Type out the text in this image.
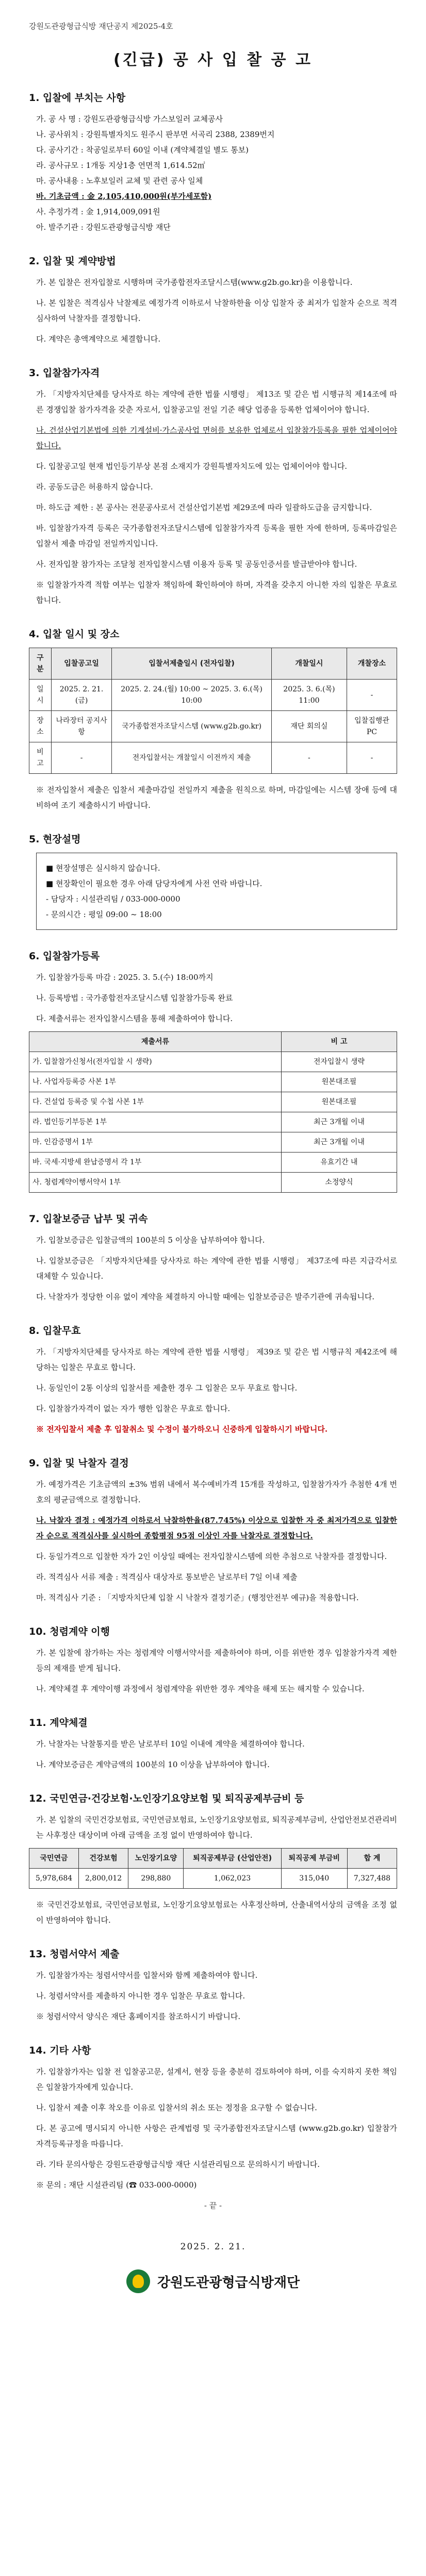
강원도관광형급식방 재단공지 제2025-4호
(긴급) 공 사 입 찰 공 고
1. 입찰에 부치는 사항
가. 공 사 명 : 강원도관광형급식방 가스보일러 교체공사
나. 공사위치 : 강원특별자치도 원주시 판부면 서곡리 2388, 2389번지
다. 공사기간 : 착공일로부터 60일 이내 (계약체결일 별도 통보)
라. 공사규모 : 1개동 지상1층 연면적 1,614.52㎡
마. 공사내용 : 노후보일러 교체 및 관련 공사 일체
바. 기초금액 : 金 2,105,410,000원(부가세포함)
사. 추정가격 : 金 1,914,009,091원
아. 발주기관 : 강원도관광형급식방 재단
2. 입찰 및 계약방법
가. 본 입찰은 전자입찰로 시행하며 국가종합전자조달시스템(www.g2b.go.kr)을 이용합니다.
나. 본 입찰은 적격심사 낙찰제로 예정가격 이하로서 낙찰하한율 이상 입찰자 중 최저가 입찰자 순으로 적격심사하여 낙찰자를 결정합니다.
다. 계약은 총액계약으로 체결합니다.
3. 입찰참가자격
가. 「지방자치단체를 당사자로 하는 계약에 관한 법률 시행령」 제13조 및 같은 법 시행규칙 제14조에 따른 경쟁입찰 참가자격을 갖춘 자로서, 입찰공고일 전일 기준 해당 업종을 등록한 업체이어야 합니다.
나. 건설산업기본법에 의한 기계설비·가스공사업 면허를 보유한 업체로서 입찰참가등록을 필한 업체이어야 합니다.
다. 입찰공고일 현재 법인등기부상 본점 소재지가 강원특별자치도에 있는 업체이어야 합니다.
라. 공동도급은 허용하지 않습니다.
마. 하도급 제한 : 본 공사는 전문공사로서 건설산업기본법 제29조에 따라 일괄하도급을 금지합니다.
바. 입찰참가자격 등록은 국가종합전자조달시스템에 입찰참가자격 등록을 필한 자에 한하며, 등록마감일은 입찰서 제출 마감일 전일까지입니다.
사. 전자입찰 참가자는 조달청 전자입찰시스템 이용자 등록 및 공동인증서를 발급받아야 합니다.
※ 입찰참가자격 적합 여부는 입찰자 책임하에 확인하여야 하며, 자격을 갖추지 아니한 자의 입찰은 무효로 합니다.
4. 입찰 일시 및 장소
구 분	입찰공고일	입찰서제출일시 (전자입찰)	개찰일시	개찰장소
일 시	2025. 2. 21.(금)	2025. 2. 24.(월) 10:00 ~ 2025. 3. 6.(목) 10:00	2025. 3. 6.(목) 11:00	-
장 소	나라장터 공지사항	국가종합전자조달시스템 (www.g2b.go.kr)	재단 회의실	입찰집행관 PC
비 고	-	전자입찰서는 개찰일시 이전까지 제출	-	-
※ 전자입찰서 제출은 입찰서 제출마감일 전일까지 제출을 원칙으로 하며, 마감일에는 시스템 장애 등에 대비하여 조기 제출하시기 바랍니다.
5. 현장설명
■ 현장설명은 실시하지 않습니다.
■ 현장확인이 필요한 경우 아래 담당자에게 사전 연락 바랍니다.
- 담당자 : 시설관리팀 / 033-000-0000
- 문의시간 : 평일 09:00 ~ 18:00
6. 입찰참가등록
가. 입찰참가등록 마감 : 2025. 3. 5.(수) 18:00까지
나. 등록방법 : 국가종합전자조달시스템 입찰참가등록 완료
다. 제출서류는 전자입찰시스템을 통해 제출하여야 합니다.
제출서류	비 고
가. 입찰참가신청서(전자입찰 시 생략)	전자입찰시 생략
나. 사업자등록증 사본 1부	원본대조필
다. 건설업 등록증 및 수첩 사본 1부	원본대조필
라. 법인등기부등본 1부	최근 3개월 이내
마. 인감증명서 1부	최근 3개월 이내
바. 국세·지방세 완납증명서 각 1부	유효기간 내
사. 청렴계약이행서약서 1부	소정양식
7. 입찰보증금 납부 및 귀속
가. 입찰보증금은 입찰금액의 100분의 5 이상을 납부하여야 합니다.
나. 입찰보증금은 「지방자치단체를 당사자로 하는 계약에 관한 법률 시행령」 제37조에 따른 지급각서로 대체할 수 있습니다.
다. 낙찰자가 정당한 이유 없이 계약을 체결하지 아니할 때에는 입찰보증금은 발주기관에 귀속됩니다.
8. 입찰무효
가. 「지방자치단체를 당사자로 하는 계약에 관한 법률 시행령」 제39조 및 같은 법 시행규칙 제42조에 해당하는 입찰은 무효로 합니다.
나. 동일인이 2통 이상의 입찰서를 제출한 경우 그 입찰은 모두 무효로 합니다.
다. 입찰참가자격이 없는 자가 행한 입찰은 무효로 합니다.
※ 전자입찰서 제출 후 입찰취소 및 수정이 불가하오니 신중하게 입찰하시기 바랍니다.
9. 입찰 및 낙찰자 결정
가. 예정가격은 기초금액의 ±3% 범위 내에서 복수예비가격 15개를 작성하고, 입찰참가자가 추첨한 4개 번호의 평균금액으로 결정합니다.
나. 낙찰자 결정 : 예정가격 이하로서 낙찰하한율(87.745%) 이상으로 입찰한 자 중 최저가격으로 입찰한 자 순으로 적격심사를 실시하여 종합평점 95점 이상인 자를 낙찰자로 결정합니다.
다. 동일가격으로 입찰한 자가 2인 이상일 때에는 전자입찰시스템에 의한 추첨으로 낙찰자를 결정합니다.
라. 적격심사 서류 제출 : 적격심사 대상자로 통보받은 날로부터 7일 이내 제출
마. 적격심사 기준 : 「지방자치단체 입찰 시 낙찰자 결정기준」(행정안전부 예규)을 적용합니다.
10. 청렴계약 이행
가. 본 입찰에 참가하는 자는 청렴계약 이행서약서를 제출하여야 하며, 이를 위반한 경우 입찰참가자격 제한 등의 제재를 받게 됩니다.
나. 계약체결 후 계약이행 과정에서 청렴계약을 위반한 경우 계약을 해제 또는 해지할 수 있습니다.
11. 계약체결
가. 낙찰자는 낙찰통지를 받은 날로부터 10일 이내에 계약을 체결하여야 합니다.
나. 계약보증금은 계약금액의 100분의 10 이상을 납부하여야 합니다.
12. 국민연금·건강보험·노인장기요양보험 및 퇴직공제부금비 등
가. 본 입찰의 국민건강보험료, 국민연금보험료, 노인장기요양보험료, 퇴직공제부금비, 산업안전보건관리비는 사후정산 대상이며 아래 금액을 조정 없이 반영하여야 합니다.
국민연금	건강보험	노인장기요양	퇴직공제부금 (산업안전)	퇴직공제 부금비	합 계
5,978,684	2,800,012	298,880	1,062,023	315,040	7,327,488
※ 국민건강보험료, 국민연금보험료, 노인장기요양보험료는 사후정산하며, 산출내역서상의 금액을 조정 없이 반영하여야 합니다.
13. 청렴서약서 제출
가. 입찰참가자는 청렴서약서를 입찰서와 함께 제출하여야 합니다.
나. 청렴서약서를 제출하지 아니한 경우 입찰은 무효로 합니다.
※ 청렴서약서 양식은 재단 홈페이지를 참조하시기 바랍니다.
14. 기타 사항
가. 입찰참가자는 입찰 전 입찰공고문, 설계서, 현장 등을 충분히 검토하여야 하며, 이를 숙지하지 못한 책임은 입찰참가자에게 있습니다.
나. 입찰서 제출 이후 착오를 이유로 입찰서의 취소 또는 정정을 요구할 수 없습니다.
다. 본 공고에 명시되지 아니한 사항은 관계법령 및 국가종합전자조달시스템 (www.g2b.go.kr) 입찰참가자격등록규정을 따릅니다.
라. 기타 문의사항은 강원도관광형급식방 재단 시설관리팀으로 문의하시기 바랍니다.
※ 문의 : 재단 시설관리팀 (☎ 033-000-0000)
- 끝 -
2025. 2. 21.
강원도관광형급식방재단
